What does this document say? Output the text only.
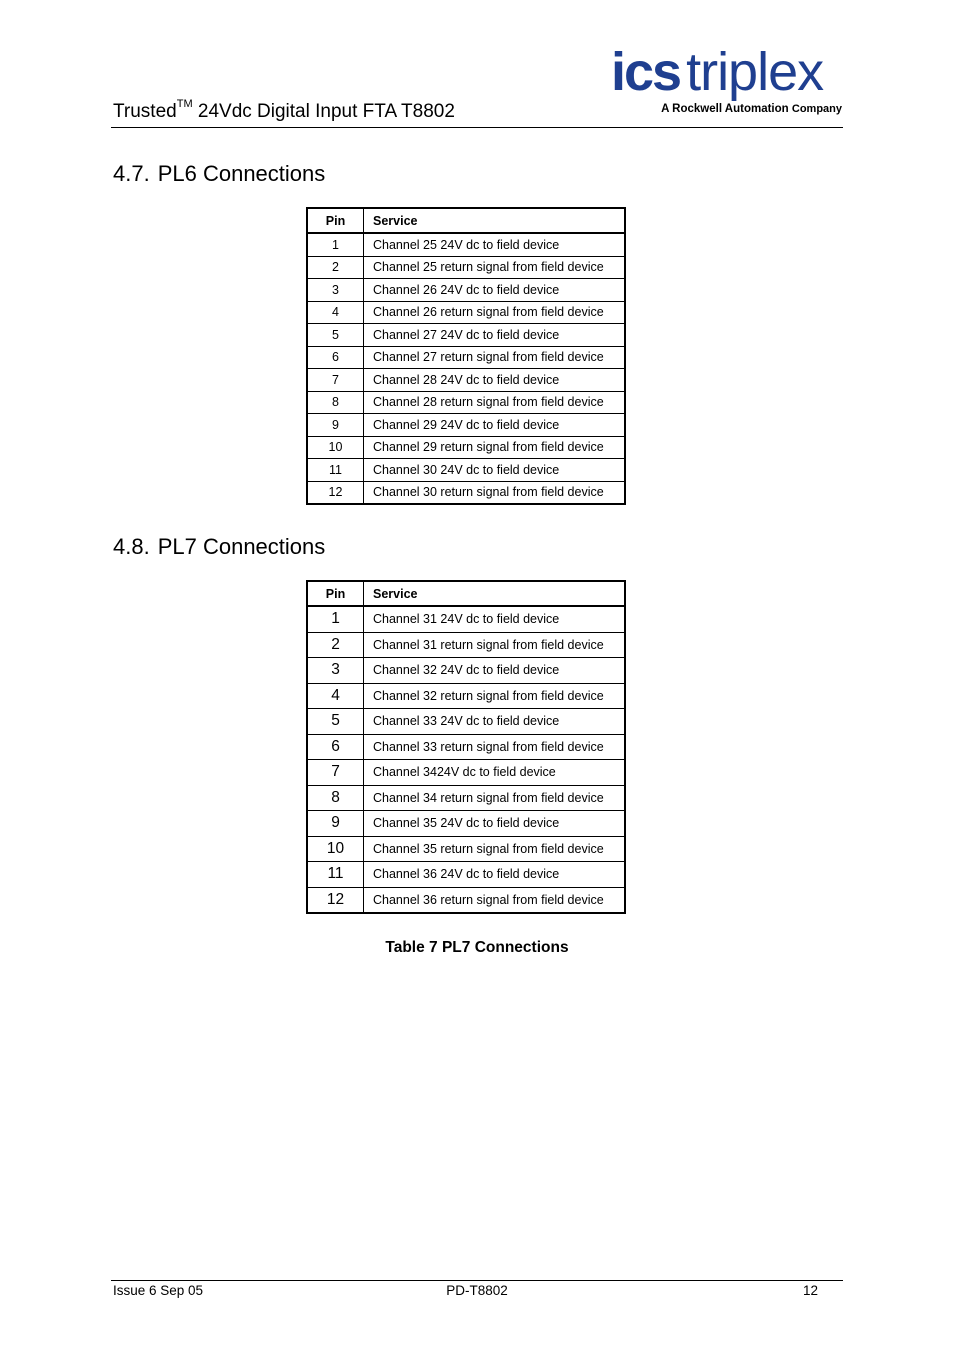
Trusted™ 24Vdc Digital Input FTA T8802
ics triplex
A Rockwell Automation Company
4.7. PL6 Connections
Pin	Service
1	Channel 25 24V dc to field device
2	Channel 25 return signal from field device
3	Channel 26 24V dc to field device
4	Channel 26 return signal from field device
5	Channel 27 24V dc to field device
6	Channel 27 return signal from field device
7	Channel 28 24V dc to field device
8	Channel 28 return signal from field device
9	Channel 29 24V dc to field device
10	Channel 29 return signal from field device
11	Channel 30 24V dc to field device
12	Channel 30 return signal from field device
4.8. PL7 Connections
Pin	Service
1	Channel 31 24V dc to field device
2	Channel 31 return signal from field device
3	Channel 32 24V dc to field device
4	Channel 32 return signal from field device
5	Channel 33 24V dc to field device
6	Channel 33 return signal from field device
7	Channel 3424V dc to field device
8	Channel 34 return signal from field device
9	Channel 35 24V dc to field device
10	Channel 35 return signal from field device
11	Channel 36 24V dc to field device
12	Channel 36 return signal from field device
Table 7 PL7 Connections
Issue 6 Sep 05	PD-T8802	12
